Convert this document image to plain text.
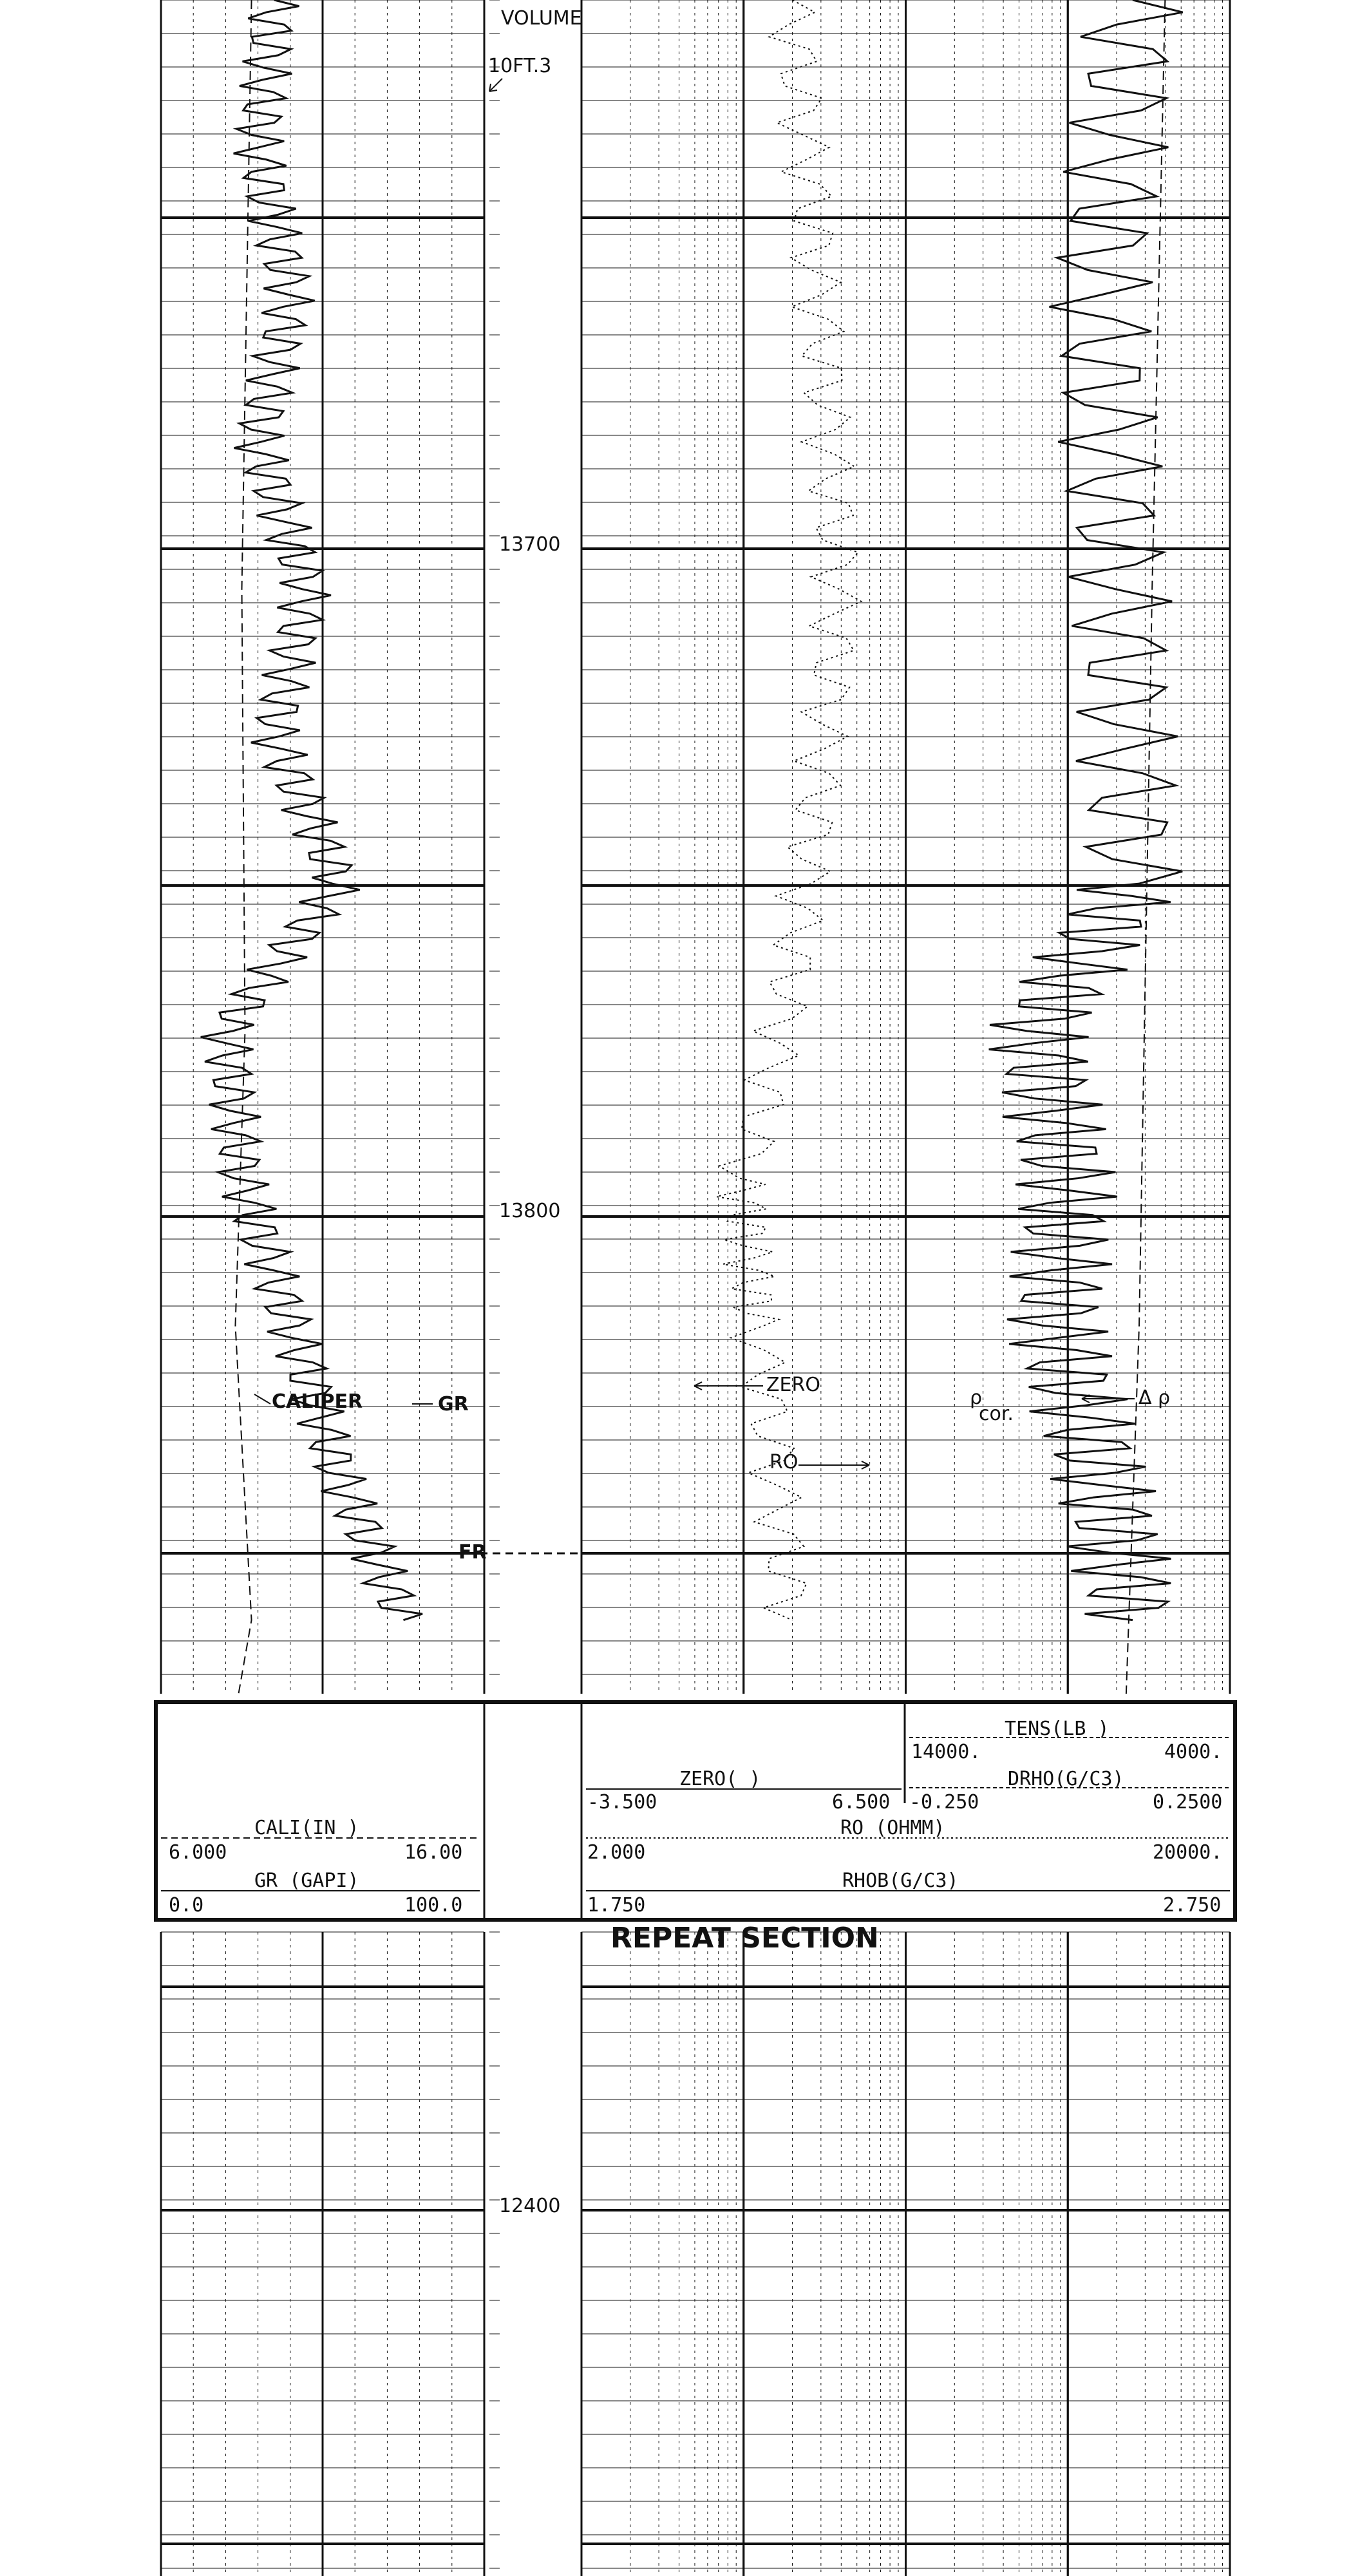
VOLUME
10FT.3
13700
13800
ZERO
CALIPER	GR
RO
FR
ρ
cor.
Δ ρ
TENS(LB )
14000.	4000.
DRHO(G/C3)
-0.250	0.2500
ZERO( )
-3.500	6.500
RO (OHMM)
2.000	20000.
RHOB(G/C3)
1.750	2.750
CALI(IN )
6.000	16.00
GR (GAPI)
0.0	100.0
REPEAT SECTION
12400
